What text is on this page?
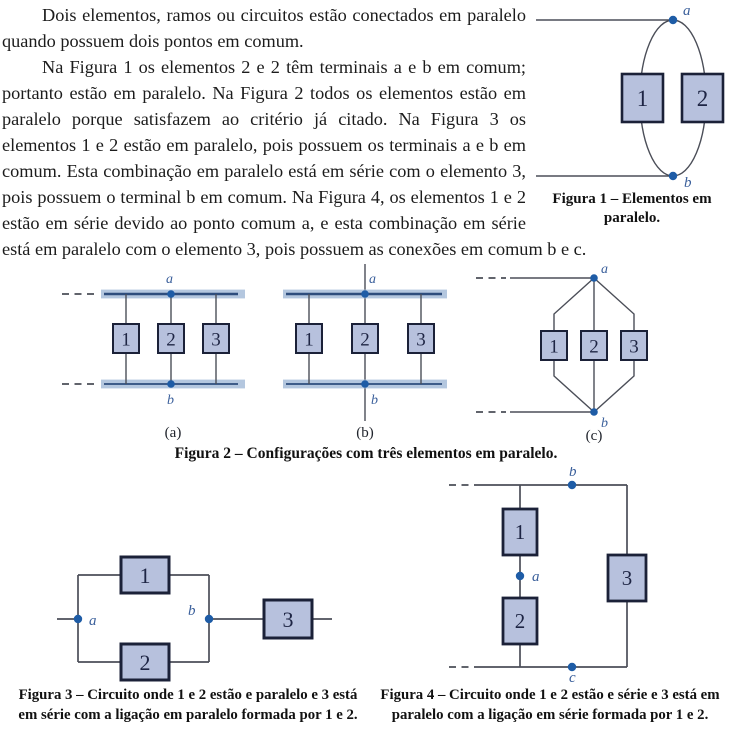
1 2
a
b
Figura 1 – Elementos em
paralelo.

Dois elementos, ramos ou circuitos estão conectados em paralelo quando possuem dois pontos em comum.

Na Figura 1 os elementos 2 e 2 têm terminais a e b em comum; portanto estão em paralelo. Na Figura 2 todos os elementos estão em paralelo porque satisfazem ao critério já citado. Na Figura 3 os elementos 1 e 2 estão em paralelo, pois possuem os terminais a e b em comum. Esta combinação em paralelo está em série com o elemento 3, pois possuem o terminal b em comum. Na Figura 4, os elementos 1 e 2 estão em série devido ao ponto comum a, e esta combinação em série está em paralelo com o elemento 3, pois possuem as conexões em comum b e c.

1 2 3
a
b
(a)
1 2 3
a
b
(b)
1 2 3
a
b
(c)
Figura 2 – Configurações com três elementos em paralelo.
1
2
3
a
b
Figura 3 – Circuito onde 1 e 2 estão e paralelo e 3 está
em série com a ligação em paralelo formada por 1 e 2.
1
2
3
b
a
c
Figura 4 – Circuito onde 1 e 2 estão e série e 3 está em
paralelo com a ligação em série formada por 1 e 2.
